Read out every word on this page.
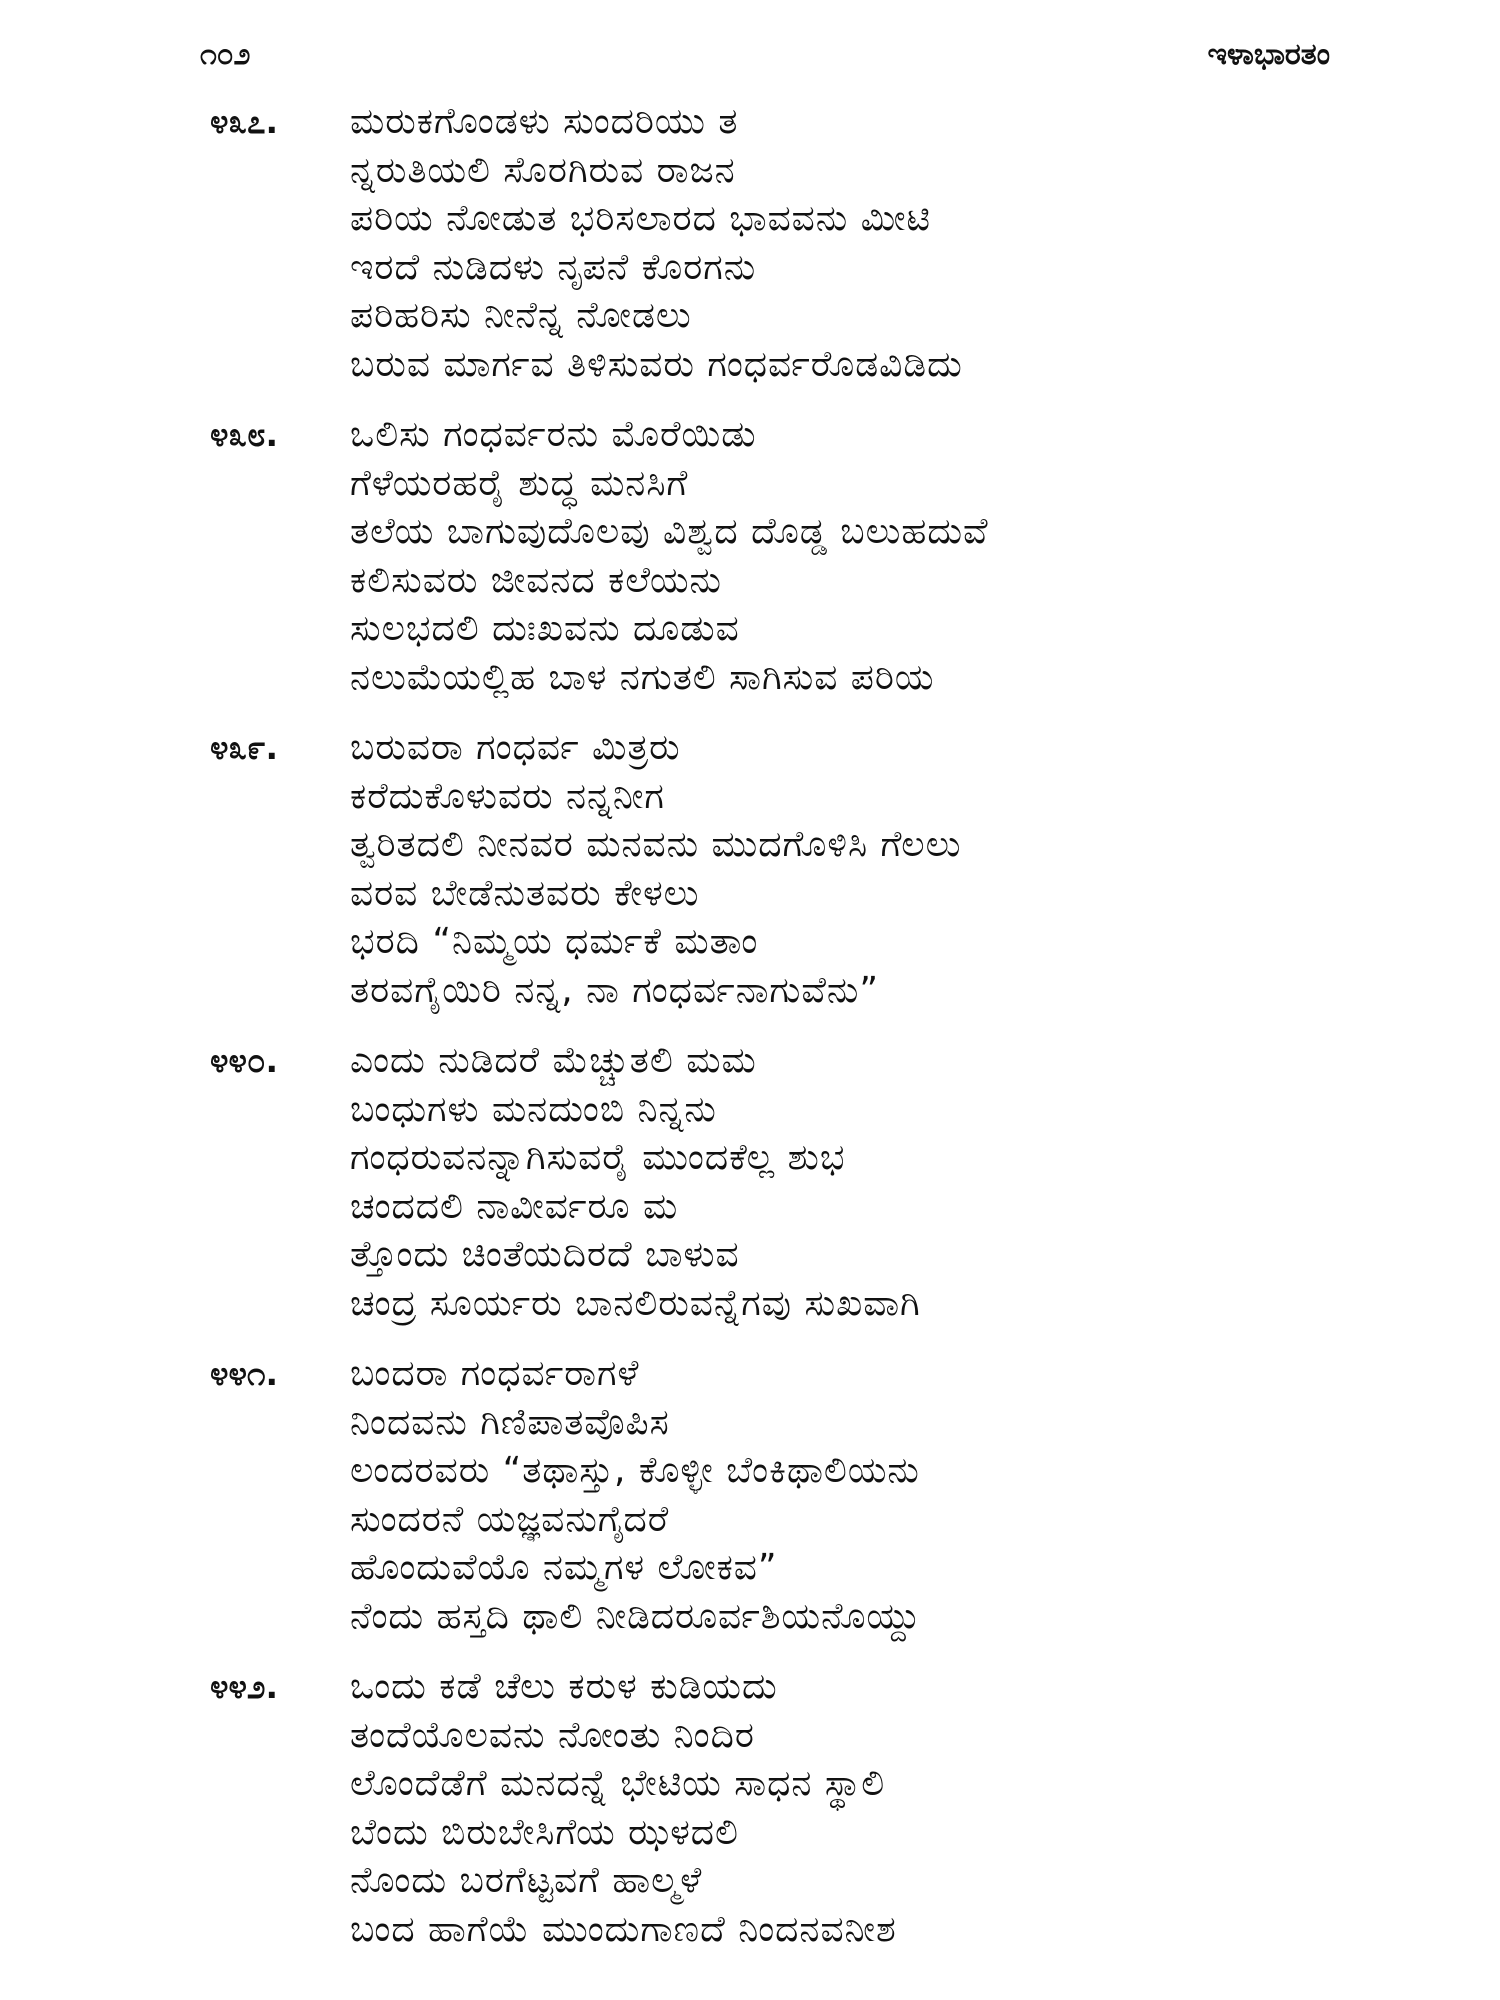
೧೦೨	ಇಳಾಭಾರತಂ
೪೩೭.	ಮರುಕಗೊಂಡಳು ಸುಂದರಿಯು ತ
ನ್ನರುತಿಯಲಿ ಸೊರಗಿರುವ ರಾಜನ
ಪರಿಯ ನೋಡುತ ಭರಿಸಲಾರದ ಭಾವವನು ಮೀಟಿ
ಇರದೆ ನುಡಿದಳು ನೃಪನೆ ಕೊರಗನು
ಪರಿಹರಿಸು ನೀನೆನ್ನ ನೋಡಲು
ಬರುವ ಮಾರ್ಗವ ತಿಳಿಸುವರು ಗಂಧರ್ವರೊಡವಿಡಿದು
೪೩೮.	ಒಲಿಸು ಗಂಧರ್ವರನು ಮೊರೆಯಿಡು
ಗೆಳೆಯರಹರೈ ಶುದ್ಧ ಮನಸಿಗೆ
ತಲೆಯ ಬಾಗುವುದೊಲವು ವಿಶ್ವದ ದೊಡ್ಡ ಬಲುಹದುವೆ
ಕಲಿಸುವರು ಜೀವನದ ಕಲೆಯನು
ಸುಲಭದಲಿ ದುಃಖವನು ದೂಡುವ
ನಲುಮೆಯಲ್ಲಿಹ ಬಾಳ ನಗುತಲಿ ಸಾಗಿಸುವ ಪರಿಯ
೪೩೯.	ಬರುವರಾ ಗಂಧರ್ವ ಮಿತ್ರರು
ಕರೆದುಕೊಳುವರು ನನ್ನನೀಗ
ತ್ವರಿತದಲಿ ನೀನವರ ಮನವನು ಮುದಗೊಳಿಸಿ ಗೆಲಲು
ವರವ ಬೇಡೆನುತವರು ಕೇಳಲು
ಭರದಿ “ನಿಮ್ಮಯ ಧರ್ಮಕೆ ಮತಾಂ
ತರವಗೈಯಿರಿ ನನ್ನ, ನಾ ಗಂಧರ್ವನಾಗುವೆನು”
೪೪೦.	ಎಂದು ನುಡಿದರೆ ಮೆಚ್ಚುತಲಿ ಮಮ
ಬಂಧುಗಳು ಮನದುಂಬಿ ನಿನ್ನನು
ಗಂಧರುವನನ್ನಾಗಿಸುವರೈ ಮುಂದಕೆಲ್ಲ ಶುಭ
ಚಂದದಲಿ ನಾವೀರ್ವರೂ ಮ
ತ್ತೊಂದು ಚಿಂತೆಯದಿರದೆ ಬಾಳುವ
ಚಂದ್ರ ಸೂರ್ಯರು ಬಾನಲಿರುವನ್ನೆಗವು ಸುಖವಾಗಿ
೪೪೧.	ಬಂದರಾ ಗಂಧರ್ವರಾಗಳೆ
ನಿಂದವನು ಗಿಣಿಪಾತವೊಪಿಸ
ಲಂದರವರು “ತಥಾಸ್ತು, ಕೊಳ್ಳೀ ಬೆಂಕಿಥಾಲಿಯನು
ಸುಂದರನೆ ಯಜ್ಞವನುಗೈದರೆ
ಹೊಂದುವೆಯೊ ನಮ್ಮಗಳ ಲೋಕವ”
ನೆಂದು ಹಸ್ತದಿ ಥಾಲಿ ನೀಡಿದರೂರ್ವಶಿಯನೊಯ್ದು
೪೪೨.	ಒಂದು ಕಡೆ ಚೆಲು ಕರುಳ ಕುಡಿಯದು
ತಂದೆಯೊಲವನು ನೋಂತು ನಿಂದಿರ
ಲೊಂದೆಡೆಗೆ ಮನದನ್ನೆ ಭೇಟಿಯ ಸಾಧನ ಸ್ಥಾಲಿ
ಬೆಂದು ಬಿರುಬೇಸಿಗೆಯ ಝಳದಲಿ
ನೊಂದು ಬರಗೆಟ್ಟವಗೆ ಹಾಲ್ಮಳೆ
ಬಂದ ಹಾಗೆಯೆ ಮುಂದುಗಾಣದೆ ನಿಂದನವನೀಶ
